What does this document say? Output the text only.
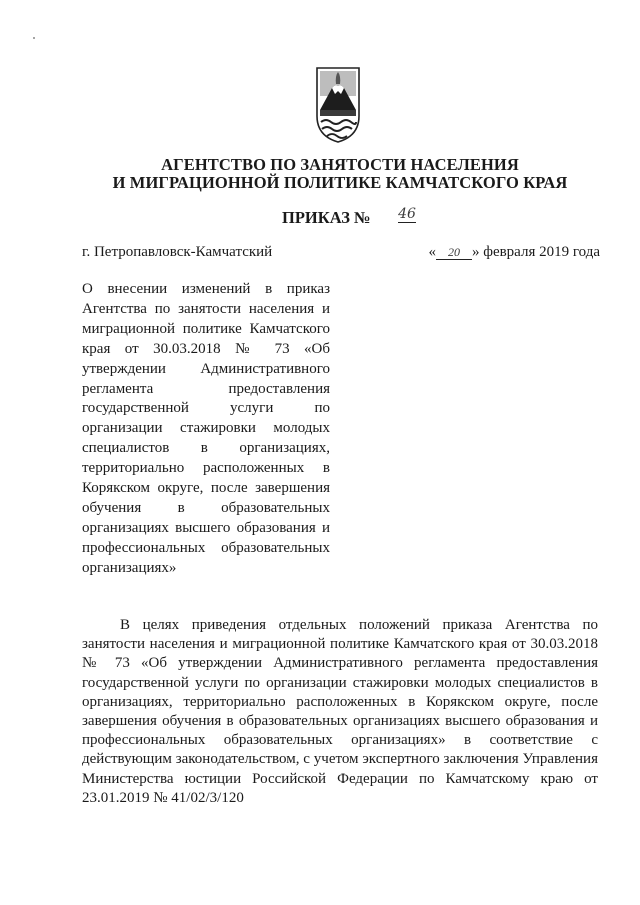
АГЕНТСТВО ПО ЗАНЯТОСТИ НАСЕЛЕНИЯ
И МИГРАЦИОННОЙ ПОЛИТИКЕ КАМЧАТСКОГО КРАЯ
ПРИКАЗ № 46
г. Петропавловск-Камчатский	« 20 » февраля 2019 года
О внесении изменений в приказ Агентства по занятости населения и миграционной политике Камчатского края от 30.03.2018 № 73 «Об утверждении Административного регламента предоставления государственной услуги по организации стажировки молодых специалистов в организациях, территориально расположенных в Корякском округе, после завершения обучения в образовательных организациях высшего образования и профессиональных образовательных организациях»
В целях приведения отдельных положений приказа Агентства по занятости населения и миграционной политике Камчатского края от 30.03.2018 № 73 «Об утверждении Административного регламента предоставления государственной услуги по организации стажировки молодых специалистов в организациях, территориально расположенных в Корякском округе, после завершения обучения в образовательных организациях высшего образования и профессиональных образовательных организациях» в соответствие с действующим законодательством, с учетом экспертного заключения Управления Министерства юстиции Российской Федерации по Камчатскому краю от 23.01.2019 № 41/02/3/120
